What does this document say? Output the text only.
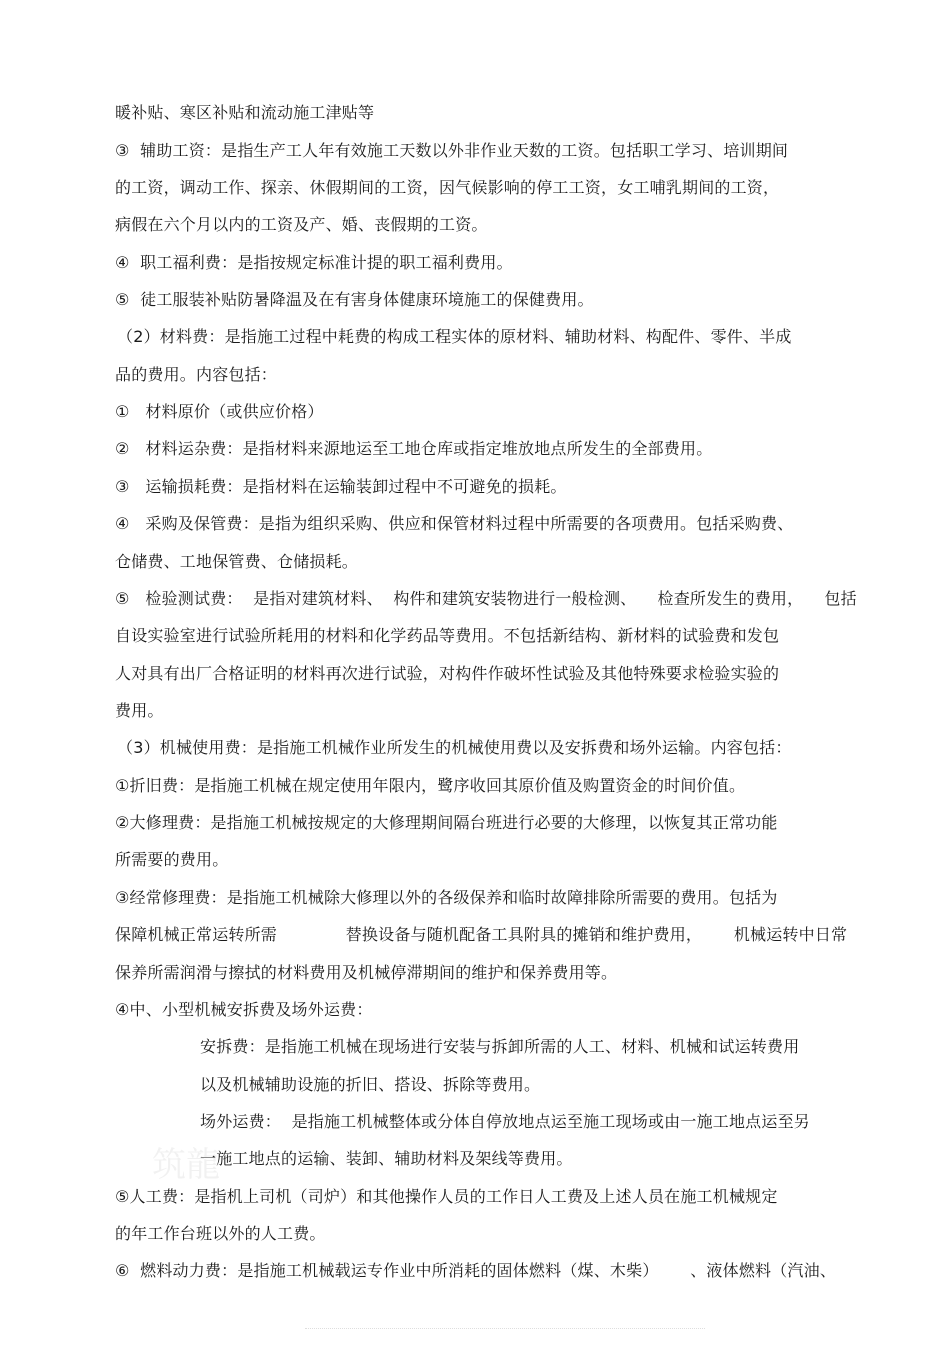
筑龍
暖补贴、寒区补贴和流动施工津贴等
③  辅助工资：是指生产工人年有效施工天数以外非作业天数的工资。包括职工学习、培训期间
的工资，调动工作、探亲、休假期间的工资，因气候影响的停工工资，女工哺乳期间的工资，
病假在六个月以内的工资及产、婚、丧假期的工资。
④  职工福利费：是指按规定标准计提的职工福利费用。
⑤  徒工服装补贴防暑降温及在有害身体健康环境施工的保健费用。
（2）材料费：是指施工过程中耗费的构成工程实体的原材料、辅助材料、构配件、零件、半成
品的费用。内容包括：
①   材料原价（或供应价格）
②   材料运杂费：是指材料来源地运至工地仓库或指定堆放地点所发生的全部费用。
③   运输损耗费：是指材料在运输装卸过程中不可避免的损耗。
④   采购及保管费：是指为组织采购、供应和保管材料过程中所需要的各项费用。包括采购费、
仓储费、工地保管费、仓储损耗。
⑤   检验测试费：  是指对建筑材料、  构件和建筑安装物进行一般检测、    检查所发生的费用，    包括
自设实验室进行试验所耗用的材料和化学药品等费用。不包括新结构、新材料的试验费和发包
人对具有出厂合格证明的材料再次进行试验，对构件作破坏性试验及其他特殊要求检验实验的
费用。
（3）机械使用费：是指施工机械作业所发生的机械使用费以及安拆费和场外运输。内容包括：
①折旧费：是指施工机械在规定使用年限内，鹭序收回其原价值及购置资金的时间价值。
②大修理费：是指施工机械按规定的大修理期间隔台班进行必要的大修理，以恢复其正常功能
所需要的费用。
③经常修理费：是指施工机械除大修理以外的各级保养和临时故障排除所需要的费用。包括为
保障机械正常运转所需             替换设备与随机配备工具附具的摊销和维护费用，      机械运转中日常
保养所需润滑与擦拭的材料费用及机械停滞期间的维护和保养费用等。
④中、小型机械安拆费及场外运费：
安拆费：是指施工机械在现场进行安装与拆卸所需的人工、材料、机械和试运转费用
以及机械辅助设施的折旧、搭设、拆除等费用。
场外运费：  是指施工机械整体或分体自停放地点运至施工现场或由一施工地点运至另
一施工地点的运输、装卸、辅助材料及架线等费用。
⑤人工费：是指机上司机（司炉）和其他操作人员的工作日人工费及上述人员在施工机械规定
的年工作台班以外的人工费。
⑥  燃料动力费：是指施工机械载运专作业中所消耗的固体燃料（煤、木柴）      、液体燃料（汽油、
